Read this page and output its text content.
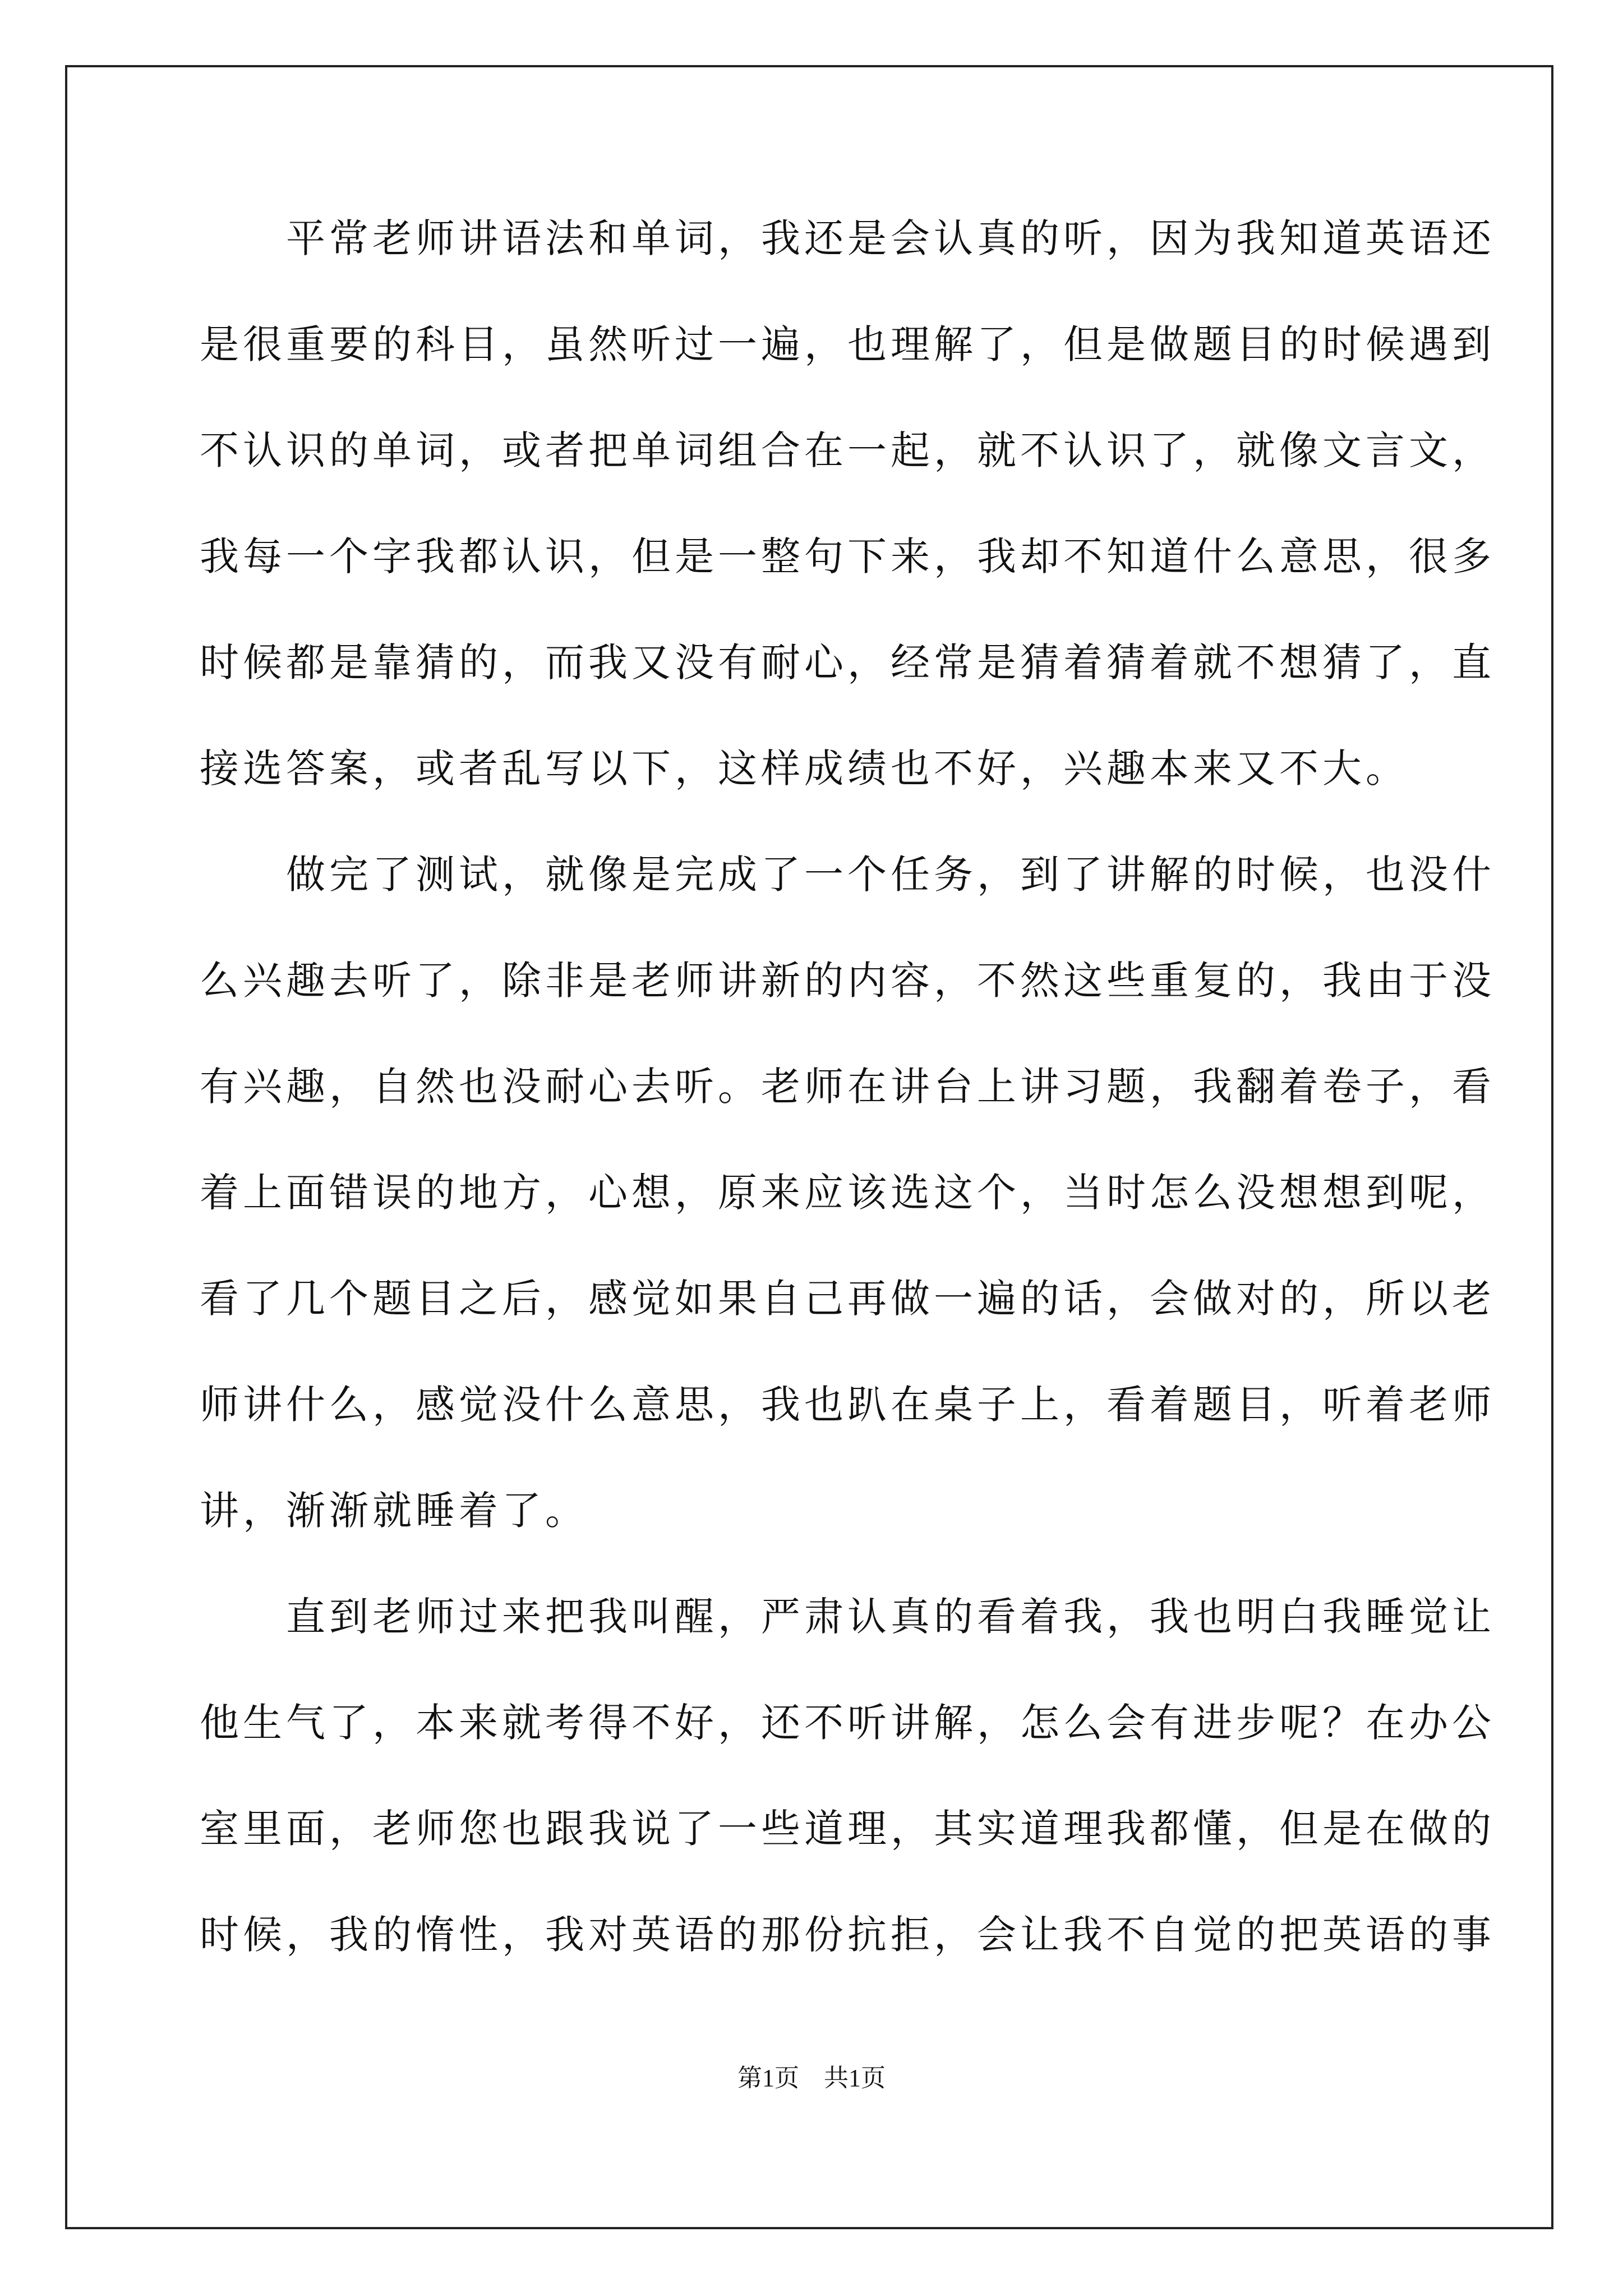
　　平常老师讲语法和单词，我还是会认真的听，因为我知道英语还
是很重要的科目，虽然听过一遍，也理解了，但是做题目的时候遇到
不认识的单词，或者把单词组合在一起，就不认识了，就像文言文，
我每一个字我都认识，但是一整句下来，我却不知道什么意思，很多
时候都是靠猜的，而我又没有耐心，经常是猜着猜着就不想猜了，直
接选答案，或者乱写以下，这样成绩也不好，兴趣本来又不大。
　　做完了测试，就像是完成了一个任务，到了讲解的时候，也没什
么兴趣去听了，除非是老师讲新的内容，不然这些重复的，我由于没
有兴趣，自然也没耐心去听。老师在讲台上讲习题，我翻着卷子，看
着上面错误的地方，心想，原来应该选这个，当时怎么没想想到呢，
看了几个题目之后，感觉如果自己再做一遍的话，会做对的，所以老
师讲什么，感觉没什么意思，我也趴在桌子上，看着题目，听着老师
讲，渐渐就睡着了。
　　直到老师过来把我叫醒，严肃认真的看着我，我也明白我睡觉让
他生气了，本来就考得不好，还不听讲解，怎么会有进步呢？在办公
室里面，老师您也跟我说了一些道理，其实道理我都懂，但是在做的
时候，我的惰性，我对英语的那份抗拒，会让我不自觉的把英语的事
第1页　共1页
